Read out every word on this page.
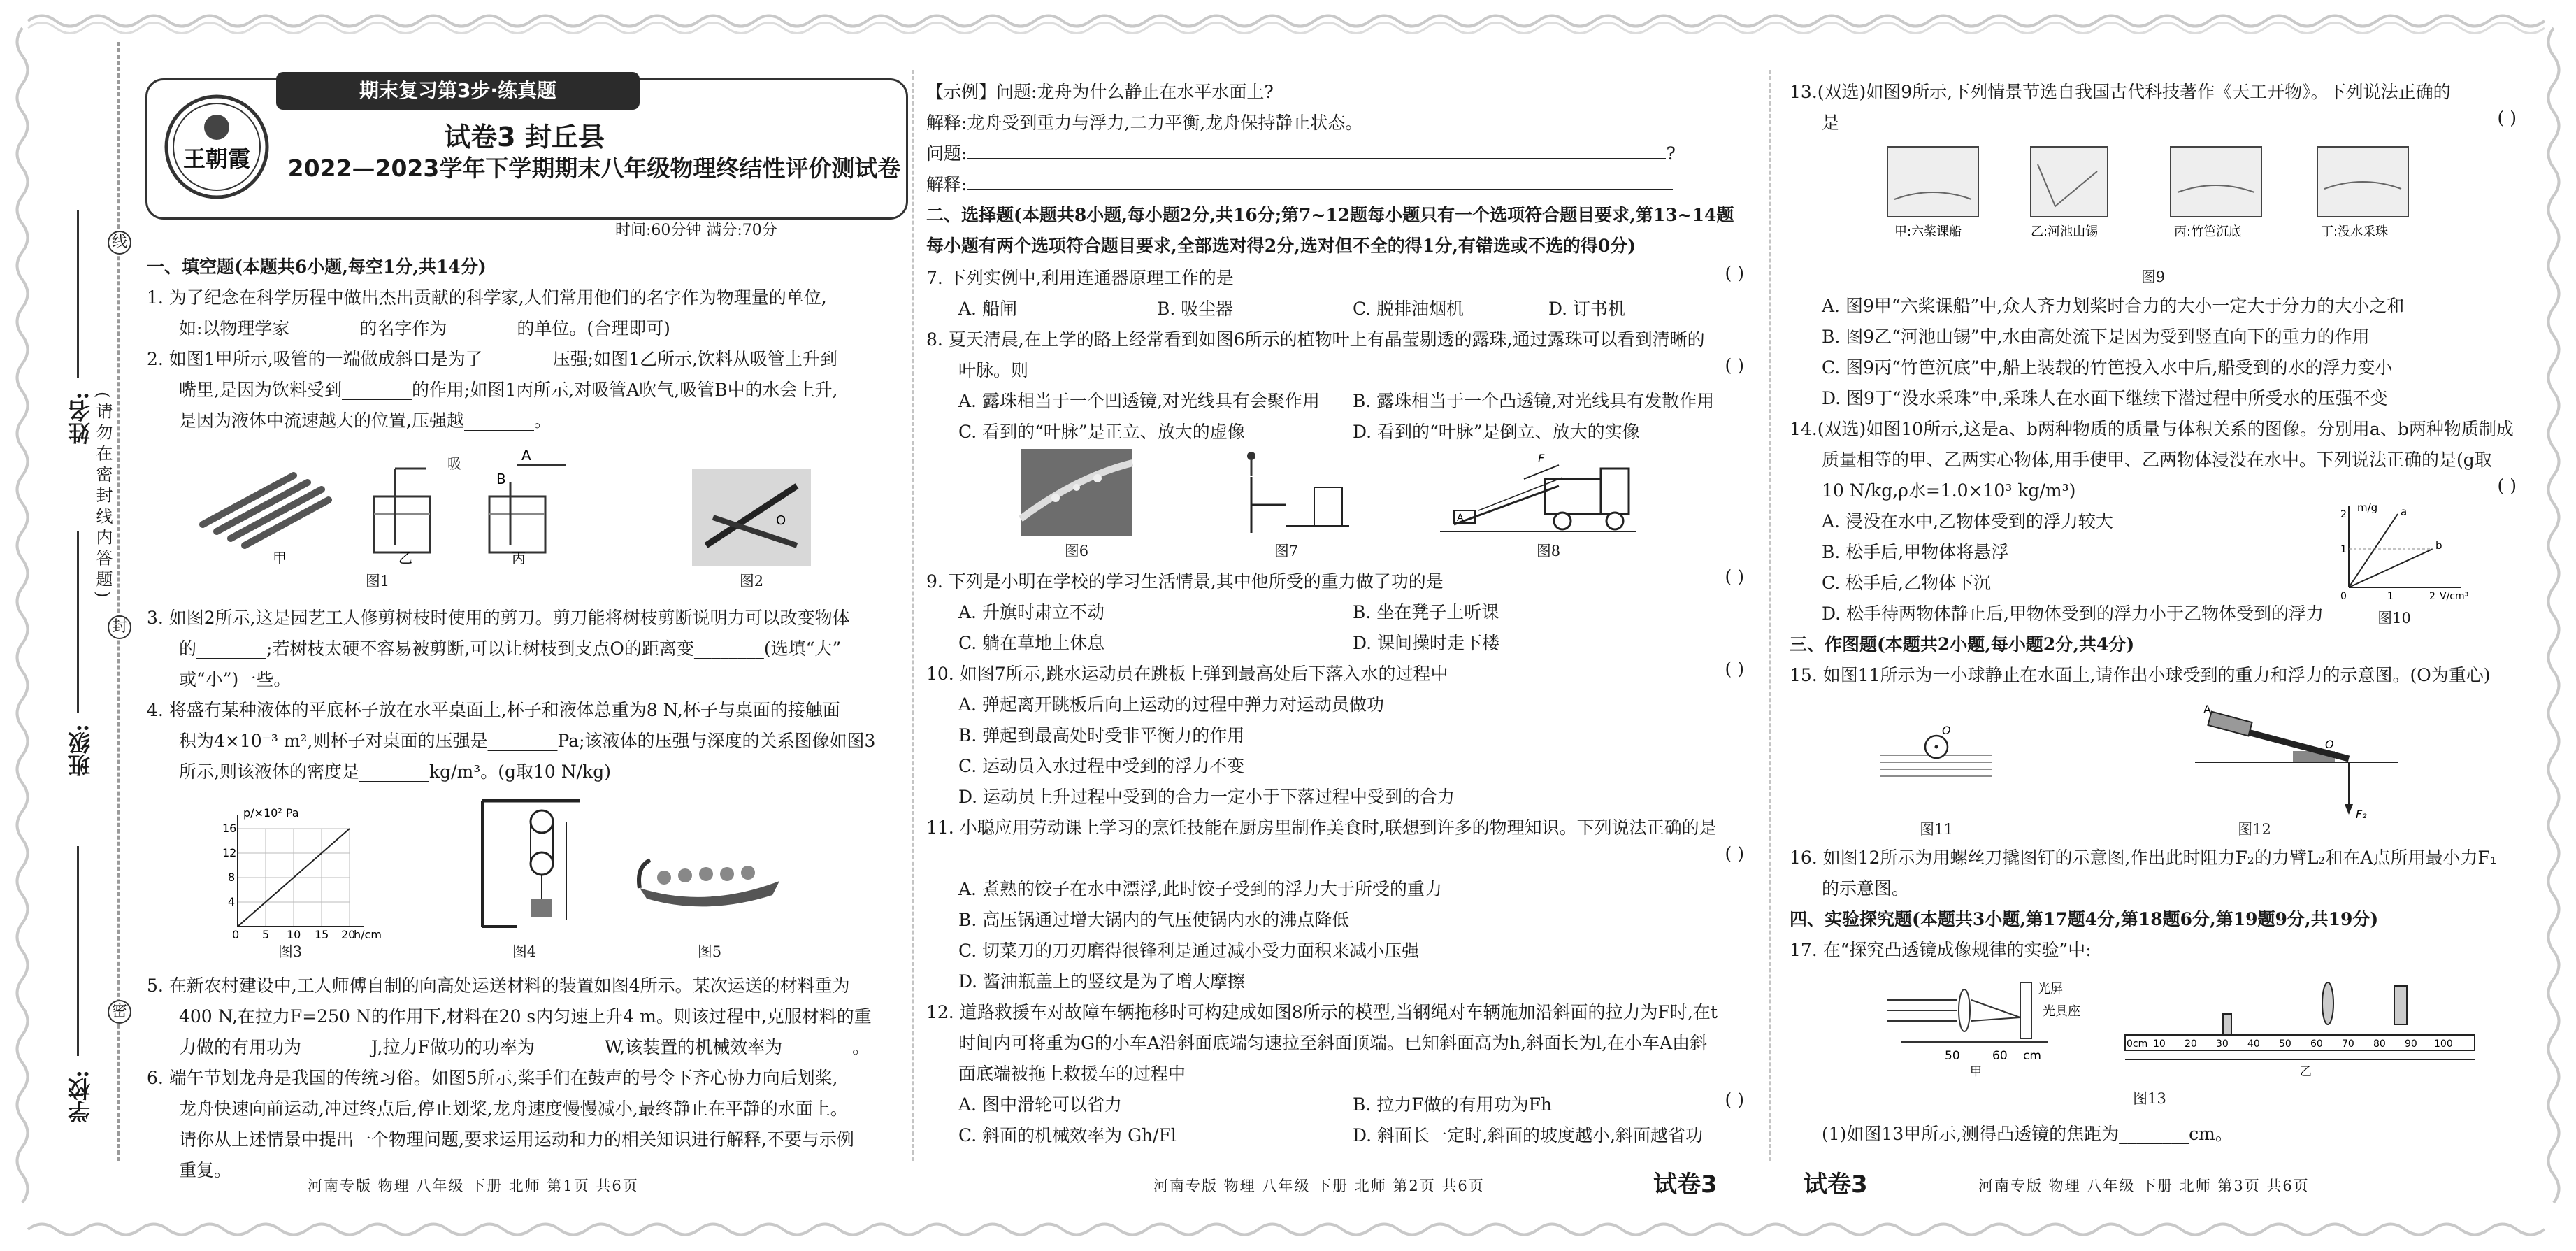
姓名:
班级:
学校:
(请勿在密封线内答题)
线
封
密
期末复习第3步·练真题
王朝霞
试卷3 封丘县
2022—2023学年下学期期末八年级物理终结性评价测试卷
时间:60分钟 满分:70分

一、填空题(本题共6小题,每空1分,共14分)

1. 为了纪念在科学历程中做出杰出贡献的科学家,人们常用他们的名字作为物理量的单位,

如:以物理学家________的名字作为________的单位。(合理即可)

2. 如图1甲所示,吸管的一端做成斜口是为了________压强;如图1乙所示,饮料从吸管上升到

嘴里,是因为饮料受到________的作用;如图1丙所示,对吸管A吹气,吸管B中的水会上升,

是因为液体中流速越大的位置,压强越________。

吸	A
B
甲	乙	丙
图1
O
图2

3. 如图2所示,这是园艺工人修剪树枝时使用的剪刀。剪刀能将树枝剪断说明力可以改变物体

的________;若树枝太硬不容易被剪断,可以让树枝到支点O的距离变________(选填“大”

或“小”)一些。

4. 将盛有某种液体的平底杯子放在水平桌面上,杯子和液体总重为8 N,杯子与桌面的接触面

积为4×10⁻³ m²,则杯子对桌面的压强是________Pa;该液体的压强与深度的关系图像如图3

所示,则该液体的密度是________kg/m³。(g取10 N/kg)

p/×10² Pa
16
12
8
4
0 5 10 15 20
h/cm
图3	图4	图5

5. 在新农村建设中,工人师傅自制的向高处运送材料的装置如图4所示。某次运送的材料重为

400 N,在拉力F=250 N的作用下,材料在20 s内匀速上升4 m。则该过程中,克服材料的重

力做的有用功为________J,拉力F做功的功率为________W,该装置的机械效率为________。

6. 端午节划龙舟是我国的传统习俗。如图5所示,桨手们在鼓声的号令下齐心协力向后划桨,

龙舟快速向前运动,冲过终点后,停止划桨,龙舟速度慢慢减小,最终静止在平静的水面上。

请你从上述情景中提出一个物理问题,要求运用运动和力的相关知识进行解释,不要与示例

重复。

【示例】问题:龙舟为什么静止在水平水面上?

解释:龙舟受到重力与浮力,二力平衡,龙舟保持静止状态。

问题:	?

解释:

二、选择题(本题共8小题,每小题2分,共16分;第7~12题每小题只有一个选项符合题目要求,第13~14题

每小题有两个选项符合题目要求,全部选对得2分,选对但不全的得1分,有错选或不选的得0分)

7. 下列实例中,利用连通器原理工作的是	( )
A. 船闸	B. 吸尘器	C. 脱排油烟机	D. 订书机

8. 夏天清晨,在上学的路上经常看到如图6所示的植物叶上有晶莹剔透的露珠,通过露珠可以看到清晰的

叶脉。则	( )
A. 露珠相当于一个凹透镜,对光线具有会聚作用 B. 露珠相当于一个凸透镜,对光线具有发散作用
C. 看到的“叶脉”是正立、放大的虚像	D. 看到的“叶脉”是倒立、放大的实像
图6	图7
A
F
图8

9. 下列是小明在学校的学习生活情景,其中他所受的重力做了功的是	( )
A. 升旗时肃立不动	B. 坐在凳子上听课
C. 躺在草地上休息	D. 课间操时走下楼

10. 如图7所示,跳水运动员在跳板上弹到最高处后下落入水的过程中	( )

A. 弹起离开跳板后向上运动的过程中弹力对运动员做功

B. 弹起到最高处时受非平衡力的作用

C. 运动员入水过程中受到的浮力不变

D. 运动员上升过程中受到的合力一定小于下落过程中受到的合力

11. 小聪应用劳动课上学习的烹饪技能在厨房里制作美食时,联想到许多的物理知识。下列说法正确的是

( )

A. 煮熟的饺子在水中漂浮,此时饺子受到的浮力大于所受的重力

B. 高压锅通过增大锅内的气压使锅内水的沸点降低

C. 切菜刀的刀刃磨得很锋利是通过减小受力面积来减小压强

D. 酱油瓶盖上的竖纹是为了增大摩擦

12. 道路救援车对故障车辆拖移时可构建成如图8所示的模型,当钢绳对车辆施加沿斜面的拉力为F时,在t

时间内可将重为G的小车A沿斜面底端匀速拉至斜面顶端。已知斜面高为h,斜面长为l,在小车A由斜

面底端被拖上救援车的过程中

( )
A. 图中滑轮可以省力	B. 拉力F做的有用功为Fh
C. 斜面的机械效率为 Gh/Fl	D. 斜面长一定时,斜面的坡度越小,斜面越省功

13.(双选)如图9所示,下列情景节选自我国古代科技著作《天工开物》。下列说法正确的

是	( )
甲:六桨课船	乙:河池山锡	丙:竹笆沉底	丁:没水采珠
图9

A. 图9甲“六桨课船”中,众人齐力划桨时合力的大小一定大于分力的大小之和

B. 图9乙“河池山锡”中,水由高处流下是因为受到竖直向下的重力的作用

C. 图9丙“竹笆沉底”中,船上装载的竹笆投入水中后,船受到的水的浮力变小

D. 图9丁“没水采珠”中,采珠人在水面下继续下潜过程中所受水的压强不变

14.(双选)如图10所示,这是a、b两种物质的质量与体积关系的图像。分别用a、b两种物质制成

质量相等的甲、乙两实心物体,用手使甲、乙两物体浸没在水中。下列说法正确的是(g取

10 N/kg,ρ水=1.0×10³ kg/m³)	( )

A. 浸没在水中,乙物体受到的浮力较大

B. 松手后,甲物体将悬浮

C. 松手后,乙物体下沉

D. 松手待两物体静止后,甲物体受到的浮力小于乙物体受到的浮力

三、作图题(本题共2小题,每小题2分,共4分)

15. 如图11所示为一小球静止在水面上,请作出小球受到的重力和浮力的示意图。(O为重心)

m/g a
b
0	1	2
1
2
V/cm³
图10
O
图11
A
O
F₂
图12

16. 如图12所示为用螺丝刀撬图钉的示意图,作出此时阻力F₂的力臂L₂和在A点所用最小力F₁

的示意图。

四、实验探究题(本题共3小题,第17题4分,第18题6分,第19题9分,共19分)

17. 在“探究凸透镜成像规律的实验”中:

光屏
光具座
50	60 cm
甲
0cm 10 20 30 40 50 60 70 80 90 100
乙
图13

(1)如图13甲所示,测得凸透镜的焦距为________cm。

河南专版 物理 八年级 下册 北师 第1页 共6页	河南专版 物理 八年级 下册 北师 第2页 共6页	试卷3	试卷3	河南专版 物理 八年级 下册 北师 第3页 共6页
